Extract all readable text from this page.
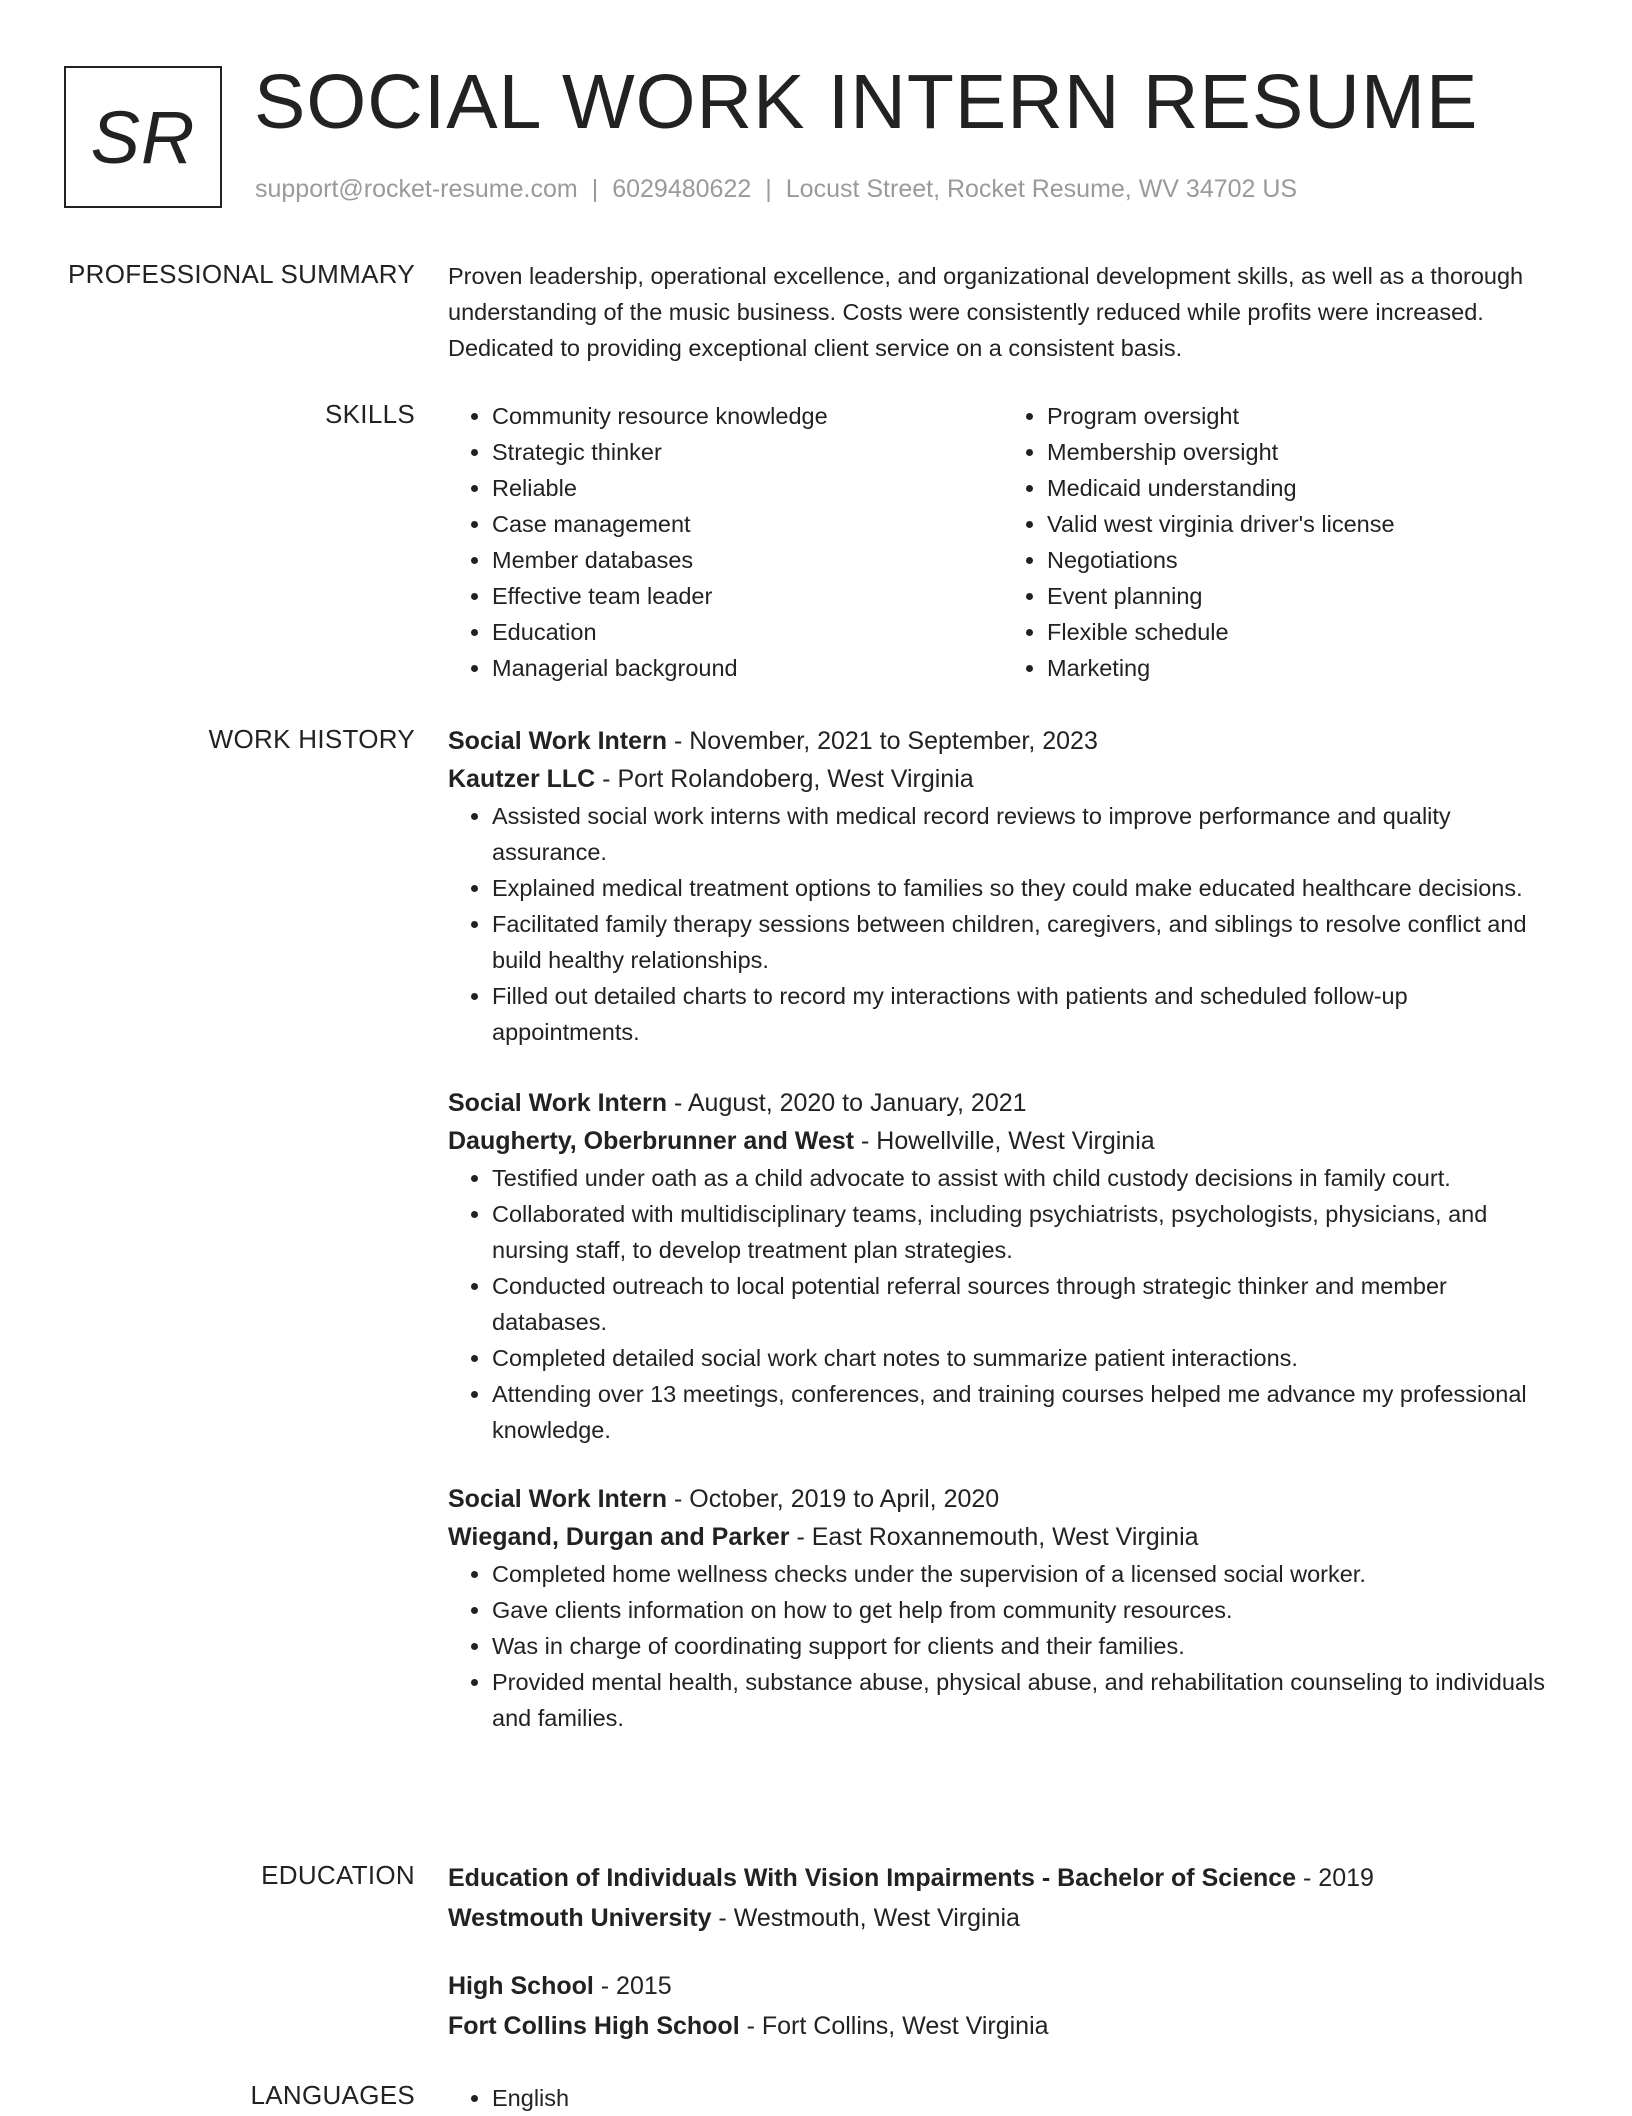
SR SOCIAL WORK INTERN RESUME
support@rocket-resume.com | 6029480622 | Locust Street, Rocket Resume, WV 34702 US
PROFESSIONAL SUMMARY Proven leadership, operational excellence, and organizational development skills, as well as a thorough understanding of the music business. Costs were consistently reduced while profits were increased. Dedicated to providing exceptional client service on a consistent basis.

SKILLS	• Community resource knowledge
• Strategic thinker
• Reliable
• Case management
• Member databases
• Effective team leader
• Education
• Managerial background
• Program oversight
• Membership oversight
• Medicaid understanding
• Valid west virginia driver's license
• Negotiations
• Event planning
• Flexible schedule
• Marketing
WORK HISTORY Social Work Intern - November, 2021 to September, 2023

Kautzer LLC - Port Rolandoberg, West Virginia

• Assisted social work interns with medical record reviews to improve performance and quality assurance.
• Explained medical treatment options to families so they could make educated healthcare decisions.
• Facilitated family therapy sessions between children, caregivers, and siblings to resolve conflict and build healthy relationships.
• Filled out detailed charts to record my interactions with patients and scheduled follow-up appointments.

Social Work Intern - August, 2020 to January, 2021

Daugherty, Oberbrunner and West - Howellville, West Virginia

• Testified under oath as a child advocate to assist with child custody decisions in family court.
• Collaborated with multidisciplinary teams, including psychiatrists, psychologists, physicians, and nursing staff, to develop treatment plan strategies.
• Conducted outreach to local potential referral sources through strategic thinker and member databases.
• Completed detailed social work chart notes to summarize patient interactions.
• Attending over 13 meetings, conferences, and training courses helped me advance my professional knowledge.

Social Work Intern - October, 2019 to April, 2020

Wiegand, Durgan and Parker - East Roxannemouth, West Virginia

• Completed home wellness checks under the supervision of a licensed social worker.
• Gave clients information on how to get help from community resources.
• Was in charge of coordinating support for clients and their families.
• Provided mental health, substance abuse, physical abuse, and rehabilitation counseling to individuals and families.
EDUCATION Education of Individuals With Vision Impairments - Bachelor of Science - 2019

Westmouth University - Westmouth, West Virginia

High School - 2015

Fort Collins High School - Fort Collins, West Virginia

LANGUAGES	• English
